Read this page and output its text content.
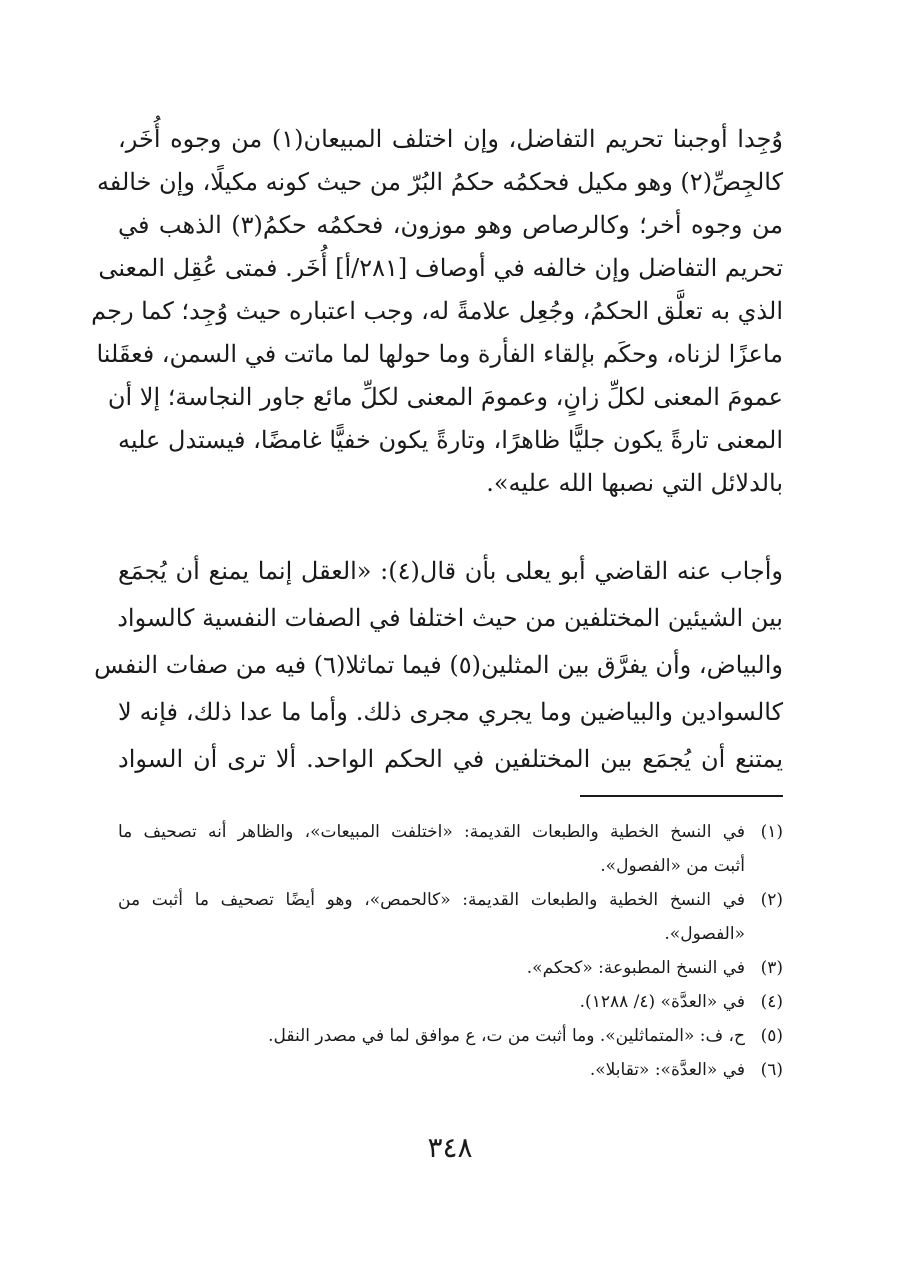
وُجِدا أوجبنا تحريم التفاضل، وإن اختلف المبيعان(١) من وجوه أُخَر،
كالجِصِّ(٢) وهو مكيل فحكمُه حكمُ البُرّ من حيث كونه مكيلًا، وإن خالفه
من وجوه أخر؛ وكالرصاص وهو موزون، فحكمُه حكمُ(٣) الذهب في
تحريم التفاضل وإن خالفه في أوصاف [٢٨١/أ] أُخَر. فمتى عُقِل المعنى
الذي به تعلَّق الحكمُ، وجُعِل علامةً له، وجب اعتباره حيث وُجِد؛ كما رجم
ماعزًا لزناه، وحكَم بإلقاء الفأرة وما حولها لما ماتت في السمن، فعقَلنا
عمومَ المعنى لكلِّ زانٍ، وعمومَ المعنى لكلِّ مائع جاور النجاسة؛ إلا أن
المعنى تارةً يكون جليًّا ظاهرًا، وتارةً يكون خفيًّا غامضًا، فيستدل عليه
بالدلائل التي نصبها الله عليه».
وأجاب عنه القاضي أبو يعلى بأن قال(٤): «العقل إنما يمنع أن يُجمَع
بين الشيئين المختلفين من حيث اختلفا في الصفات النفسية كالسواد
والبياض، وأن يفرَّق بين المثلين(٥) فيما تماثلا(٦) فيه من صفات النفس
كالسوادين والبياضين وما يجري مجرى ذلك. وأما ما عدا ذلك، فإنه لا
يمتنع أن يُجمَع بين المختلفين في الحكم الواحد. ألا ترى أن السواد
(١)
في النسخ الخطية والطبعات القديمة: «اختلفت المبيعات»، والظاهر أنه تصحيف ما
أثبت من «الفصول».
(٢)
في النسخ الخطية والطبعات القديمة: «كالحمص»، وهو أيضًا تصحيف ما أثبت من
«الفصول».
(٣)
في النسخ المطبوعة: «كحكم».
(٤)
في «العدَّة» (٤/ ١٢٨٨).
(٥)
ح، ف: «المتماثلين». وما أثبت من ت، ع موافق لما في مصدر النقل.
(٦)
في «العدَّة»: «تقابلا».
٣٤٨
